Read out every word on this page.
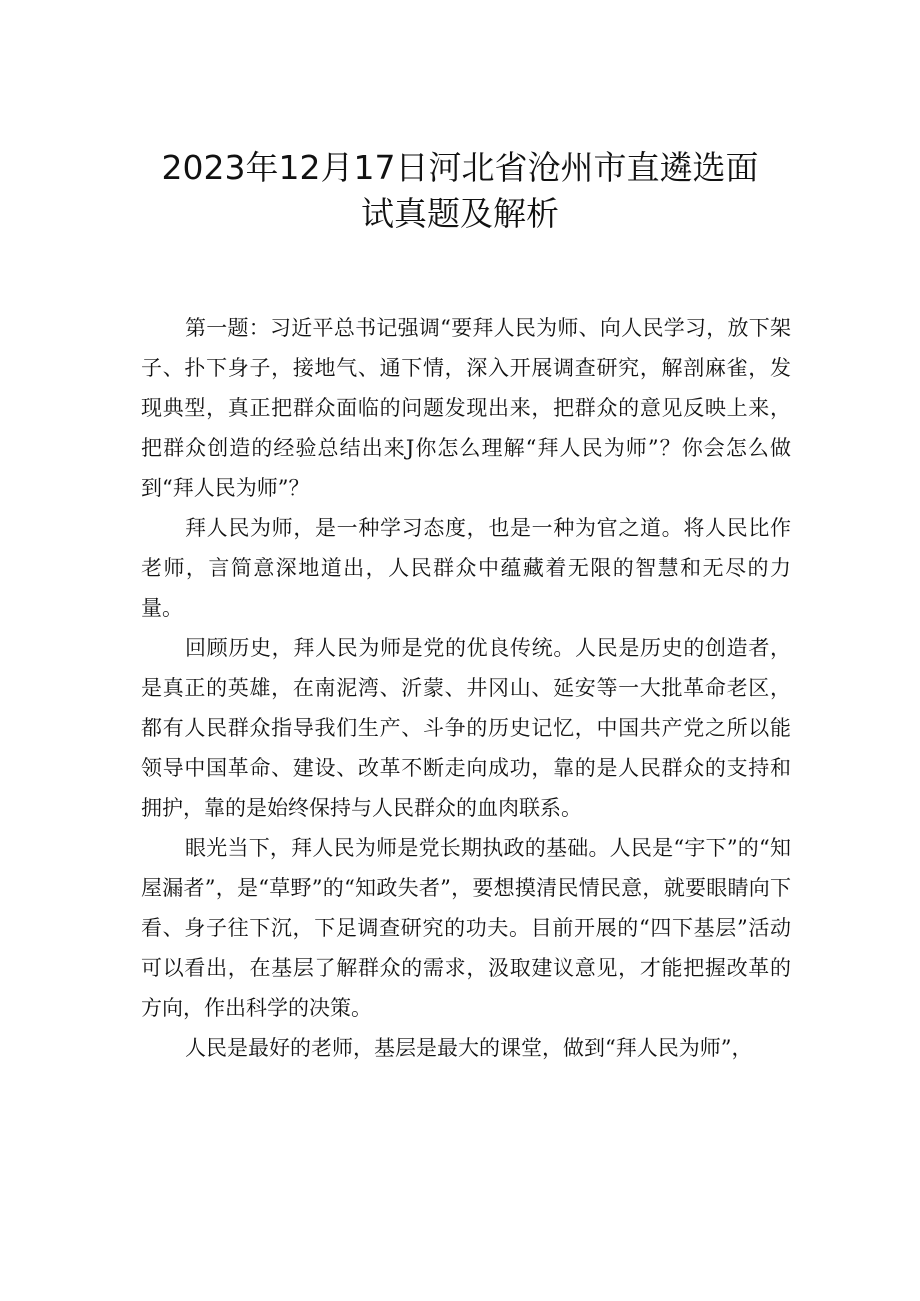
2023年12月17日河北省沧州市直遴选面
试真题及解析

第一题：习近平总书记强调“要拜人民为师、向人民学习，放下架子、扑下身子，接地气、通下情，深入开展调查研究，解剖麻雀，发现典型，真正把群众面临的问题发现出来，把群众的意见反映上来，把群众创造的经验总结出来J你怎么理解“拜人民为师”？你会怎么做到“拜人民为师”？

拜人民为师，是一种学习态度，也是一种为官之道。将人民比作老师，言简意深地道出，人民群众中蕴藏着无限的智慧和无尽的力量。

回顾历史，拜人民为师是党的优良传统。人民是历史的创造者，是真正的英雄，在南泥湾、沂蒙、井冈山、延安等一大批革命老区，都有人民群众指导我们生产、斗争的历史记忆，中国共产党之所以能领导中国革命、建设、改革不断走向成功，靠的是人民群众的支持和拥护，靠的是始终保持与人民群众的血肉联系。

眼光当下，拜人民为师是党长期执政的基础。人民是“宇下”的“知屋漏者”，是“草野”的“知政失者”，要想摸清民情民意，就要眼睛向下看、身子往下沉，下足调查研究的功夫。目前开展的“四下基层”活动可以看出，在基层了解群众的需求，汲取建议意见，才能把握改革的方向，作出科学的决策。

人民是最好的老师，基层是最大的课堂，做到“拜人民为师”，
